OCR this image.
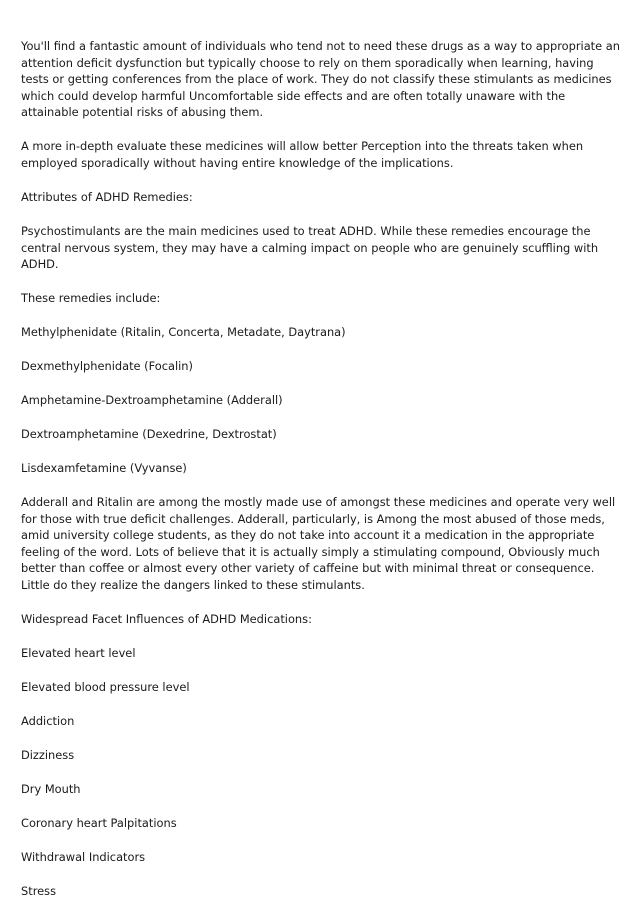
You'll find a fantastic amount of individuals who tend not to need these drugs as a way to appropriate an attention deficit dysfunction but typically choose to rely on them sporadically when learning, having tests or getting conferences from the place of work. They do not classify these stimulants as medicines which could develop harmful Uncomfortable side effects and are often totally unaware with the attainable potential risks of abusing them.

A more in-depth evaluate these medicines will allow better Perception into the threats taken when employed sporadically without having entire knowledge of the implications.

Attributes of ADHD Remedies:

Psychostimulants are the main medicines used to treat ADHD. While these remedies encourage the central nervous system, they may have a calming impact on people who are genuinely scuffling with ADHD.

These remedies include:

Methylphenidate (Ritalin, Concerta, Metadate, Daytrana)

Dexmethylphenidate (Focalin)

Amphetamine-Dextroamphetamine (Adderall)

Dextroamphetamine (Dexedrine, Dextrostat)

Lisdexamfetamine (Vyvanse)

Adderall and Ritalin are among the mostly made use of amongst these medicines and operate very well for those with true deficit challenges. Adderall, particularly, is Among the most abused of those meds, amid university college students, as they do not take into account it a medication in the appropriate feeling of the word. Lots of believe that it is actually simply a stimulating compound, Obviously much better than coffee or almost every other variety of caffeine but with minimal threat or consequence. Little do they realize the dangers linked to these stimulants.

Widespread Facet Influences of ADHD Medications:

Elevated heart level

Elevated blood pressure level

Addiction

Dizziness

Dry Mouth

Coronary heart Palpitations

Withdrawal Indicators

Stress
